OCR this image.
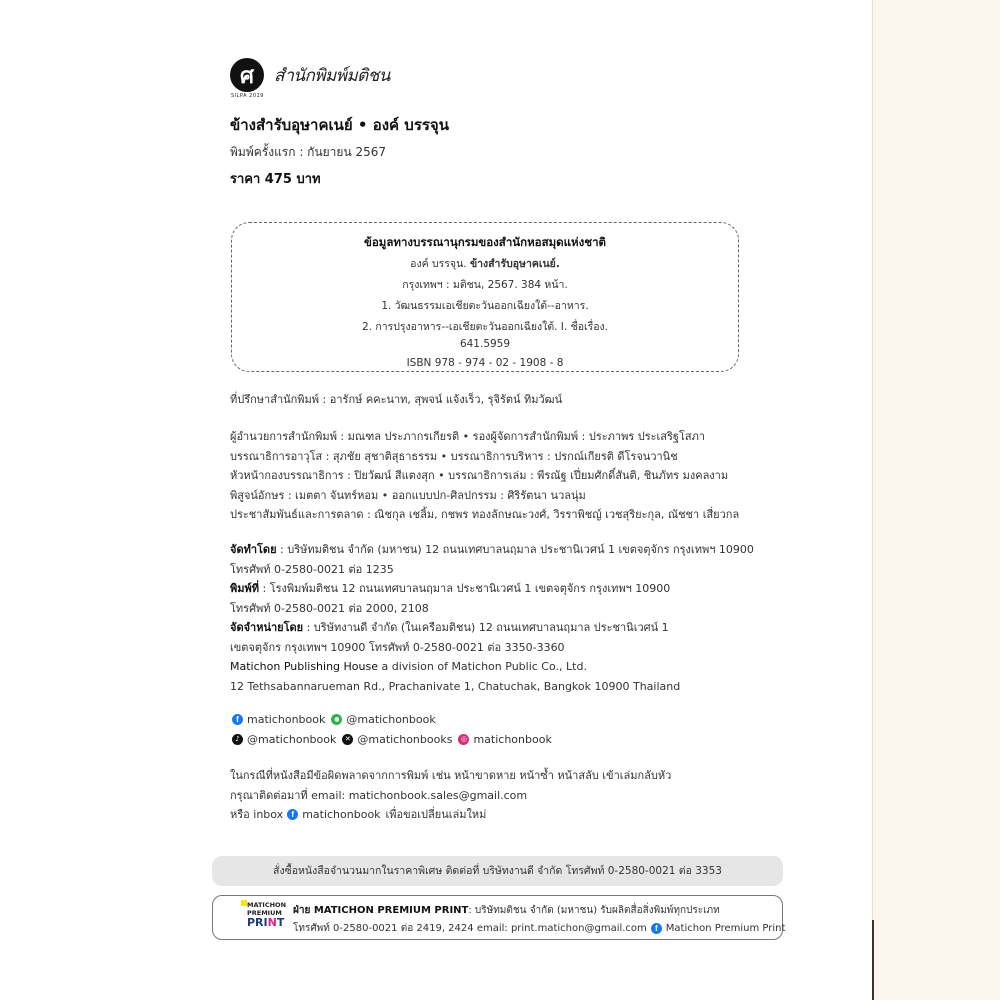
ศ สำนักพิมพ์มติชน
SILPA 2019
ข้างสำรับอุษาคเนย์ • องค์ บรรจุน
พิมพ์ครั้งแรก : กันยายน 2567
ราคา 475 บาท
ข้อมูลทางบรรณานุกรมของสำนักหอสมุดแห่งชาติ
องค์ บรรจุน. ข้างสำรับอุษาคเนย์.
กรุงเทพฯ : มติชน, 2567. 384 หน้า.
1. วัฒนธรรมเอเชียตะวันออกเฉียงใต้--อาหาร.
2. การปรุงอาหาร--เอเชียตะวันออกเฉียงใต้. I. ชื่อเรื่อง.
641.5959
ISBN 978 - 974 - 02 - 1908 - 8
ที่ปรึกษาสำนักพิมพ์ : อารักษ์ คคะนาท, สุพจน์ แจ้งเร็ว, รุจิรัตน์ ทิมวัฒน์
ผู้อำนวยการสำนักพิมพ์ : มณฑล ประภากรเกียรติ • รองผู้จัดการสำนักพิมพ์ : ประภาพร ประเสริฐโสภา
บรรณาธิการอาวุโส : สุภชัย สุชาติสุธาธรรม • บรรณาธิการบริหาร : ปรกณ์เกียรติ ดีโรจนวานิช
หัวหน้ากองบรรณาธิการ : ปิยวัฒน์ สีแตงสุก • บรรณาธิการเล่ม : พีรณัฐ เปี่ยมศักดิ์สันติ, ชินภัทร มงคลงาม
พิสูจน์อักษร : เมตตา จันทร์หอม • ออกแบบปก-ศิลปกรรม : ศิริรัตนา นวลนุ่ม
ประชาสัมพันธ์และการตลาด : ณิชกุล เชลิ้ม, กชพร ทองลักษณะวงศ์, วิรราพิชญ์ เวชสุริยะกุล, ณัชชา เสี่ยวกล
จัดทำโดย : บริษัทมติชน จำกัด (มหาชน) 12 ถนนเทศบาลนฤมาล ประชานิเวศน์ 1 เขตจตุจักร กรุงเทพฯ 10900
โทรศัพท์ 0-2580-0021 ต่อ 1235
พิมพ์ที่ : โรงพิมพ์มติชน 12 ถนนเทศบาลนฤมาล ประชานิเวศน์ 1 เขตจตุจักร กรุงเทพฯ 10900
โทรศัพท์ 0-2580-0021 ต่อ 2000, 2108
จัดจำหน่ายโดย : บริษัทงานดี จำกัด (ในเครือมติชน) 12 ถนนเทศบาลนฤมาล ประชานิเวศน์ 1
เขตจตุจักร กรุงเทพฯ 10900 โทรศัพท์ 0-2580-0021 ต่อ 3350-3360
Matichon Publishing House a division of Matichon Public Co., Ltd.
12 Tethsabannarueman Rd., Prachanivate 1, Chatuchak, Bangkok 10900 Thailand
f matichonbook	● @matichonbook
♪ @matichonbook	✕ @matichonbooks	◎ matichonbook
ในกรณีที่หนังสือมีข้อผิดพลาดจากการพิมพ์ เช่น หน้าขาดหาย หน้าซ้ำ หน้าสลับ เข้าเล่มกลับหัว
กรุณาติดต่อมาที่ email: matichonbook.sales@gmail.com
หรือ inbox	f matichonbook เพื่อขอเปลี่ยนเล่มใหม่
สั่งซื้อหนังสือจำนวนมากในราคาพิเศษ ติดต่อที่ บริษัทงานดี จำกัด โทรศัพท์ 0-2580-0021 ต่อ 3353
MATICHON
PREMIUM
PRINT
ฝ่าย MATICHON PREMIUM PRINT : บริษัทมติชน จำกัด (มหาชน) รับผลิตสื่อสิ่งพิมพ์ทุกประเภท
โทรศัพท์ 0-2580-0021 ต่อ 2419, 2424 email: print.matichon@gmail.com	f Matichon Premium Print
